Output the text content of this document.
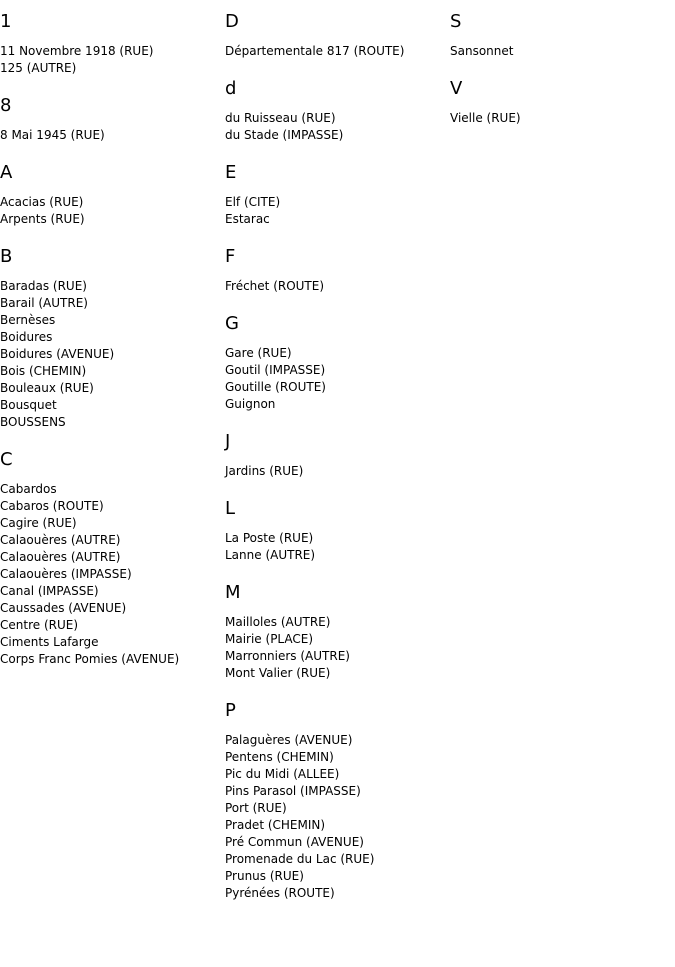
1
11 Novembre 1918 (RUE)
125 (AUTRE)
8
8 Mai 1945 (RUE)
A
Acacias (RUE)
Arpents (RUE)
B
Baradas (RUE)
Barail (AUTRE)
Bernèses
Boidures
Boidures (AVENUE)
Bois (CHEMIN)
Bouleaux (RUE)
Bousquet
BOUSSENS
C
Cabardos
Cabaros (ROUTE)
Cagire (RUE)
Calaouères (AUTRE)
Calaouères (AUTRE)
Calaouères (IMPASSE)
Canal (IMPASSE)
Caussades (AVENUE)
Centre (RUE)
Ciments Lafarge
Corps Franc Pomies (AVENUE)
D
Départementale 817 (ROUTE)
d
du Ruisseau (RUE)
du Stade (IMPASSE)
E
Elf (CITE)
Estarac
F
Fréchet (ROUTE)
G
Gare (RUE)
Goutil (IMPASSE)
Goutille (ROUTE)
Guignon
J
Jardins (RUE)
L
La Poste (RUE)
Lanne (AUTRE)
M
Mailloles (AUTRE)
Mairie (PLACE)
Marronniers (AUTRE)
Mont Valier (RUE)
P
Palaguères (AVENUE)
Pentens (CHEMIN)
Pic du Midi (ALLEE)
Pins Parasol (IMPASSE)
Port (RUE)
Pradet (CHEMIN)
Pré Commun (AVENUE)
Promenade du Lac (RUE)
Prunus (RUE)
Pyrénées (ROUTE)
S
Sansonnet
V
Vielle (RUE)
